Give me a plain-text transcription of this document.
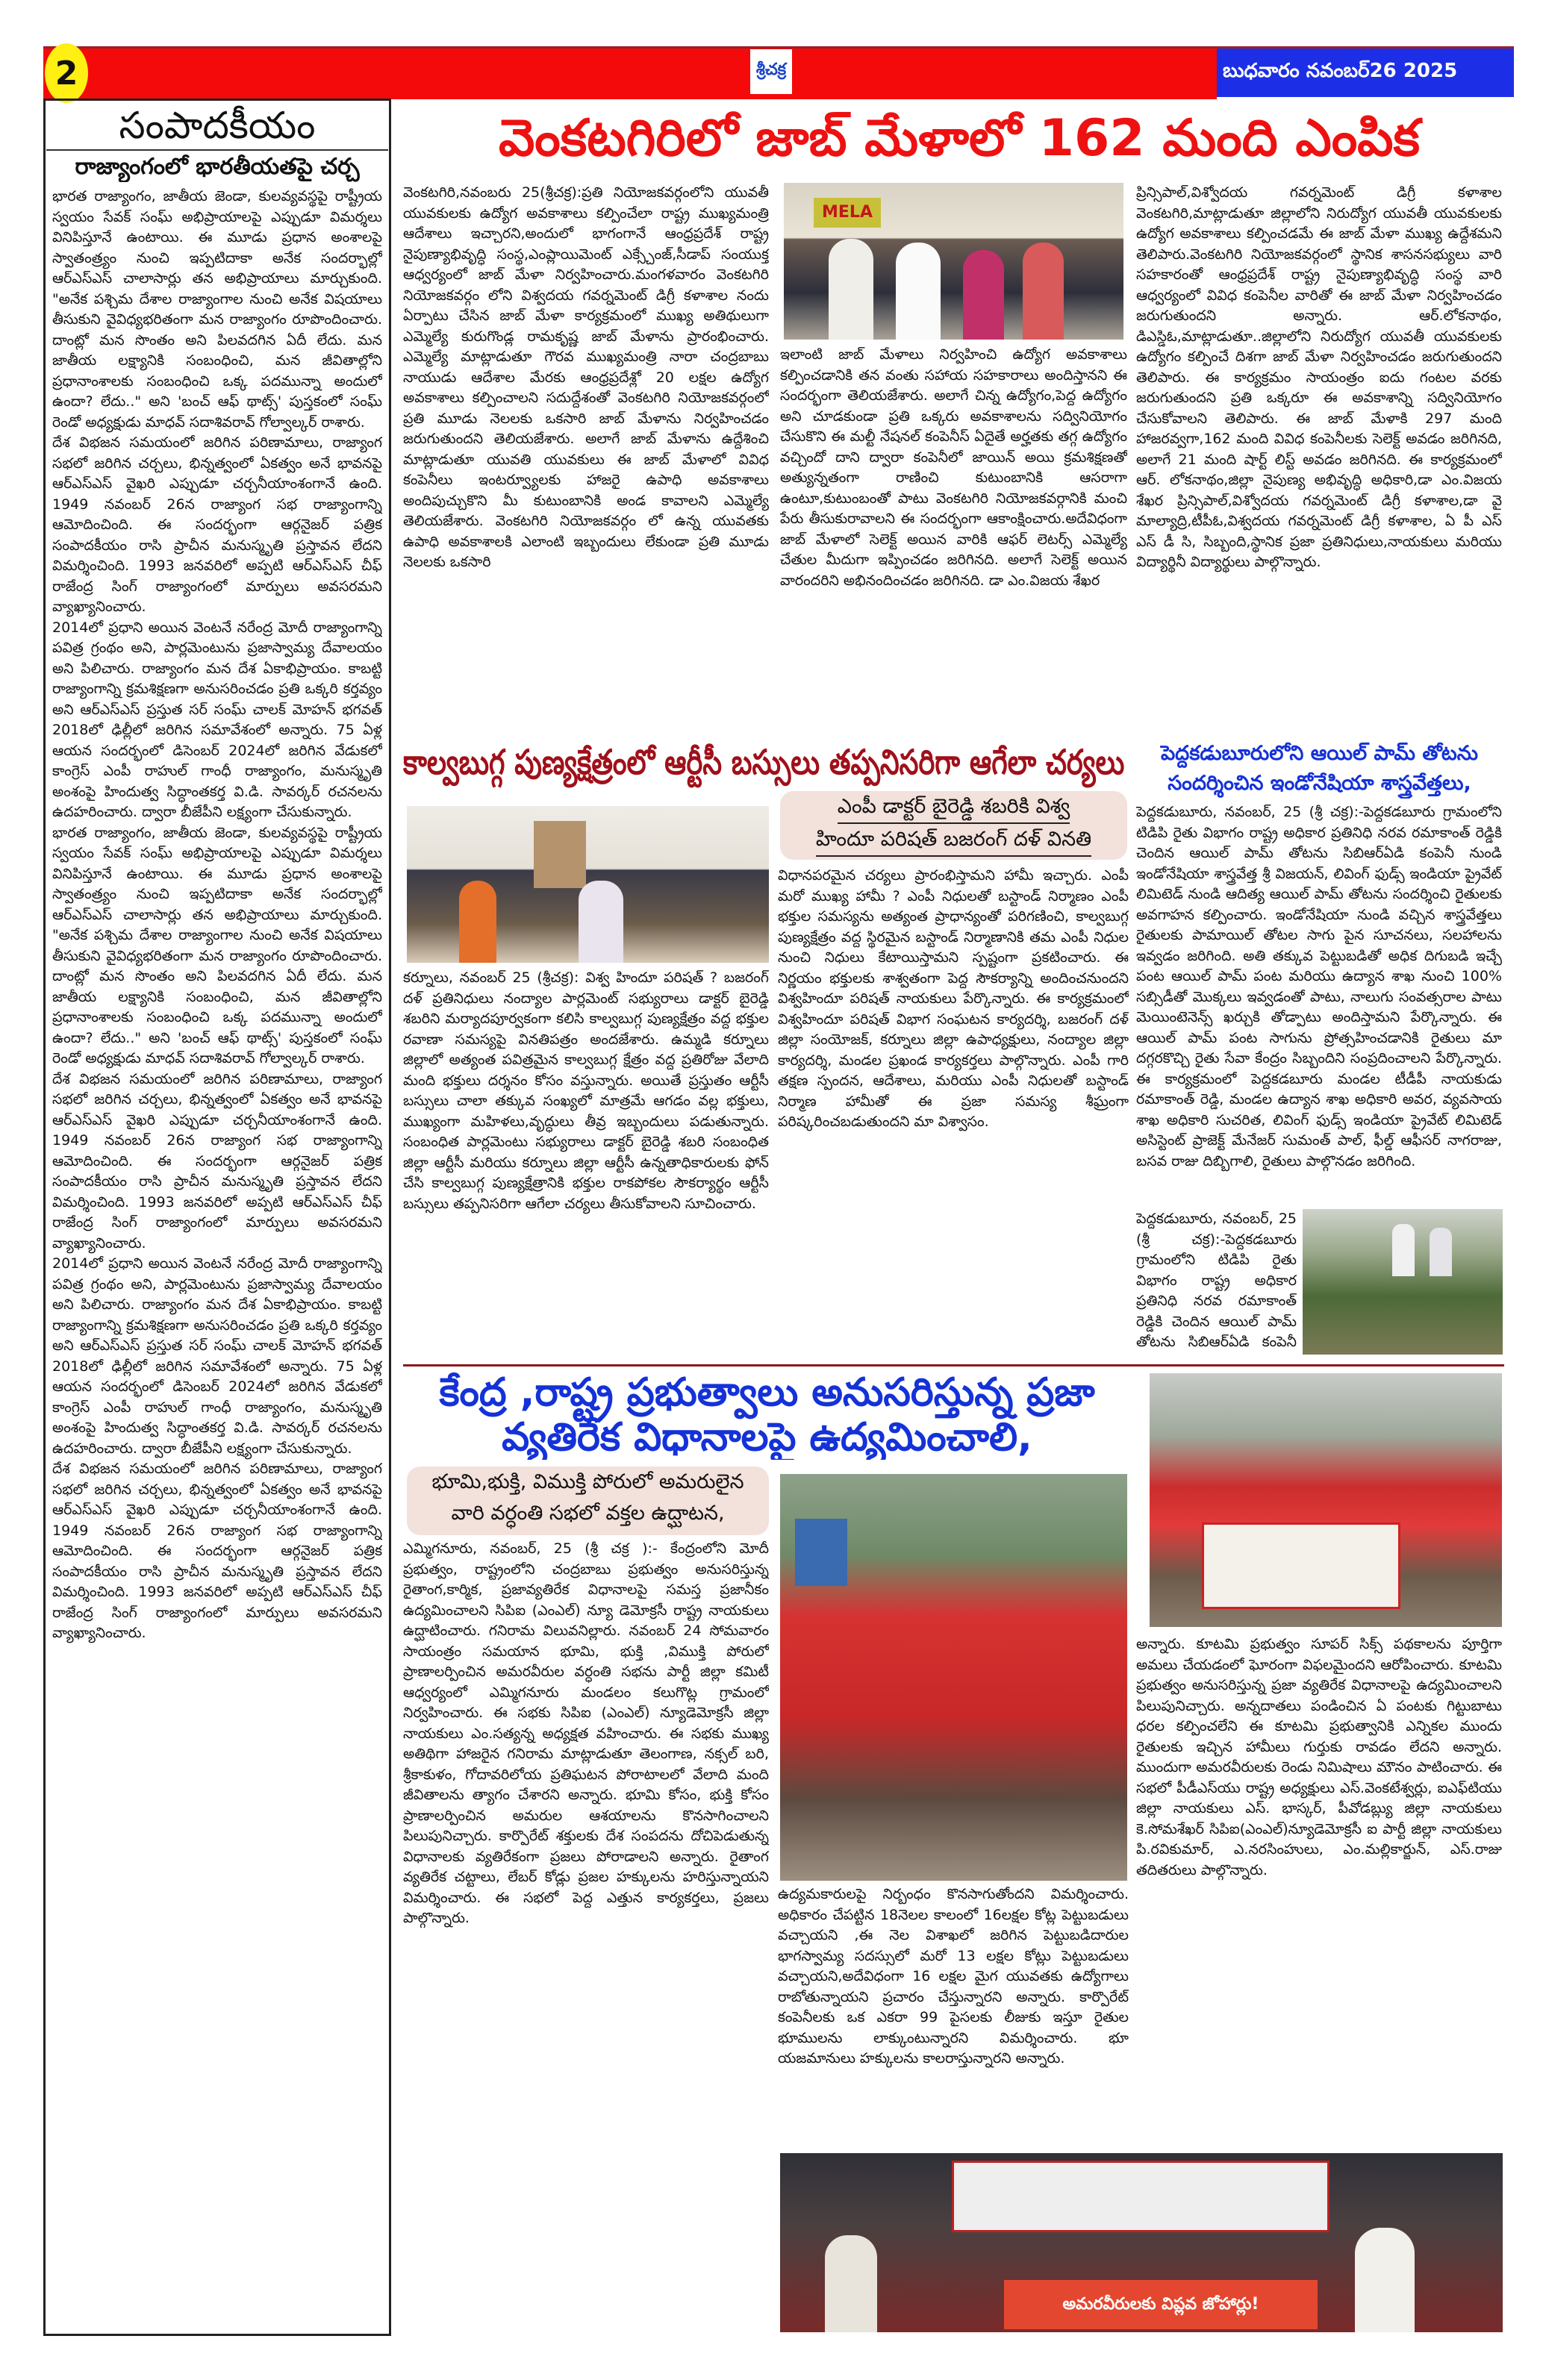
బుధవారం నవంబర్26 2025
2	శ్రీచక్ర
సంపాదకీయం
రాజ్యాంగంలో భారతీయతపై చర్చ

భారత రాజ్యాంగం, జాతీయ జెండా, కులవ్యవస్థపై రాష్ట్రీయ స్వయం సేవక్ సంఘ్ అభిప్రాయాలపై ఎప్పుడూ విమర్శలు వినిపిస్తూనే ఉంటాయి. ఈ మూడు ప్రధాన అంశాలపై స్వాతంత్ర్యం నుంచి ఇప్పటిదాకా అనేక సందర్భాల్లో ఆర్‌ఎస్‌ఎస్ చాలాసార్లు తన అభిప్రాయాలు మార్చుకుంది. "అనేక పశ్చిమ దేశాల రాజ్యాంగాల నుంచి అనేక విషయాలు తీసుకుని వైవిధ్యభరితంగా మన రాజ్యాంగం రూపొందించారు. దాంట్లో మన సొంతం అని పిలవదగిన ఏదీ లేదు. మన జాతీయ లక్ష్యానికి సంబంధించి, మన జీవితాల్లోని ప్రధానాంశాలకు సంబంధించి ఒక్క పదమున్నా అందులో ఉందా? లేదు.." అని 'బంచ్ ఆఫ్ థాట్స్' పుస్తకంలో సంఘ్ రెండో అధ్యక్షుడు మాధవ్ సదాశివరావ్ గోల్వాల్కర్ రాశారు.

దేశ విభజన సమయంలో జరిగిన పరిణామాలు, రాజ్యాంగ సభలో జరిగిన చర్చలు, భిన్నత్వంలో ఏకత్వం అనే భావనపై ఆర్‌ఎస్‌ఎస్ వైఖరి ఎప్పుడూ చర్చనీయాంశంగానే ఉంది. 1949 నవంబర్ 26న రాజ్యాంగ సభ రాజ్యాంగాన్ని ఆమోదించింది. ఈ సందర్భంగా ఆర్గనైజర్ పత్రిక సంపాదకీయం రాసి ప్రాచీన మనుస్మృతి ప్రస్తావన లేదని విమర్శించింది. 1993 జనవరిలో అప్పటి ఆర్‌ఎస్‌ఎస్ చీఫ్ రాజేంద్ర సింగ్ రాజ్యాంగంలో మార్పులు అవసరమని వ్యాఖ్యానించారు.

2014లో ప్రధాని అయిన వెంటనే నరేంద్ర మోదీ రాజ్యాంగాన్ని పవిత్ర గ్రంథం అని, పార్లమెంటును ప్రజాస్వామ్య దేవాలయం అని పిలిచారు. రాజ్యాంగం మన దేశ ఏకాభిప్రాయం. కాబట్టి రాజ్యాంగాన్ని క్రమశిక్షణగా అనుసరించడం ప్రతి ఒక్కరి కర్తవ్యం అని ఆర్‌ఎస్‌ఎస్ ప్రస్తుత సర్ సంఘ్ చాలక్ మోహన్ భగవత్ 2018లో ఢిల్లీలో జరిగిన సమావేశంలో అన్నారు. 75 ఏళ్ల ఆయన సందర్భంలో డిసెంబర్ 2024లో జరిగిన వేడుకలో కాంగ్రెస్ ఎంపీ రాహుల్ గాంధీ రాజ్యాంగం, మనుస్మృతి అంశంపై హిందుత్వ సిద్ధాంతకర్త వి.డి. సావర్కర్ రచనలను ఉదహరించారు. ద్వారా బీజేపీని లక్ష్యంగా చేసుకున్నారు.

భారత రాజ్యాంగం, జాతీయ జెండా, కులవ్యవస్థపై రాష్ట్రీయ స్వయం సేవక్ సంఘ్ అభిప్రాయాలపై ఎప్పుడూ విమర్శలు వినిపిస్తూనే ఉంటాయి. ఈ మూడు ప్రధాన అంశాలపై స్వాతంత్ర్యం నుంచి ఇప్పటిదాకా అనేక సందర్భాల్లో ఆర్‌ఎస్‌ఎస్ చాలాసార్లు తన అభిప్రాయాలు మార్చుకుంది. "అనేక పశ్చిమ దేశాల రాజ్యాంగాల నుంచి అనేక విషయాలు తీసుకుని వైవిధ్యభరితంగా మన రాజ్యాంగం రూపొందించారు. దాంట్లో మన సొంతం అని పిలవదగిన ఏదీ లేదు. మన జాతీయ లక్ష్యానికి సంబంధించి, మన జీవితాల్లోని ప్రధానాంశాలకు సంబంధించి ఒక్క పదమున్నా అందులో ఉందా? లేదు.." అని 'బంచ్ ఆఫ్ థాట్స్' పుస్తకంలో సంఘ్ రెండో అధ్యక్షుడు మాధవ్ సదాశివరావ్ గోల్వాల్కర్ రాశారు.

దేశ విభజన సమయంలో జరిగిన పరిణామాలు, రాజ్యాంగ సభలో జరిగిన చర్చలు, భిన్నత్వంలో ఏకత్వం అనే భావనపై ఆర్‌ఎస్‌ఎస్ వైఖరి ఎప్పుడూ చర్చనీయాంశంగానే ఉంది. 1949 నవంబర్ 26న రాజ్యాంగ సభ రాజ్యాంగాన్ని ఆమోదించింది. ఈ సందర్భంగా ఆర్గనైజర్ పత్రిక సంపాదకీయం రాసి ప్రాచీన మనుస్మృతి ప్రస్తావన లేదని విమర్శించింది. 1993 జనవరిలో అప్పటి ఆర్‌ఎస్‌ఎస్ చీఫ్ రాజేంద్ర సింగ్ రాజ్యాంగంలో మార్పులు అవసరమని వ్యాఖ్యానించారు.

2014లో ప్రధాని అయిన వెంటనే నరేంద్ర మోదీ రాజ్యాంగాన్ని పవిత్ర గ్రంథం అని, పార్లమెంటును ప్రజాస్వామ్య దేవాలయం అని పిలిచారు. రాజ్యాంగం మన దేశ ఏకాభిప్రాయం. కాబట్టి రాజ్యాంగాన్ని క్రమశిక్షణగా అనుసరించడం ప్రతి ఒక్కరి కర్తవ్యం అని ఆర్‌ఎస్‌ఎస్ ప్రస్తుత సర్ సంఘ్ చాలక్ మోహన్ భగవత్ 2018లో ఢిల్లీలో జరిగిన సమావేశంలో అన్నారు. 75 ఏళ్ల ఆయన సందర్భంలో డిసెంబర్ 2024లో జరిగిన వేడుకలో కాంగ్రెస్ ఎంపీ రాహుల్ గాంధీ రాజ్యాంగం, మనుస్మృతి అంశంపై హిందుత్వ సిద్ధాంతకర్త వి.డి. సావర్కర్ రచనలను ఉదహరించారు. ద్వారా బీజేపీని లక్ష్యంగా చేసుకున్నారు.

దేశ విభజన సమయంలో జరిగిన పరిణామాలు, రాజ్యాంగ సభలో జరిగిన చర్చలు, భిన్నత్వంలో ఏకత్వం అనే భావనపై ఆర్‌ఎస్‌ఎస్ వైఖరి ఎప్పుడూ చర్చనీయాంశంగానే ఉంది. 1949 నవంబర్ 26న రాజ్యాంగ సభ రాజ్యాంగాన్ని ఆమోదించింది. ఈ సందర్భంగా ఆర్గనైజర్ పత్రిక సంపాదకీయం రాసి ప్రాచీన మనుస్మృతి ప్రస్తావన లేదని విమర్శించింది. 1993 జనవరిలో అప్పటి ఆర్‌ఎస్‌ఎస్ చీఫ్ రాజేంద్ర సింగ్ రాజ్యాంగంలో మార్పులు అవసరమని వ్యాఖ్యానించారు.

వెంకటగిరిలో జాబ్ మేళాలో 162 మంది ఎంపిక

వెంకటగిరి,నవంబరు 25(శ్రీచక్ర):ప్రతి నియోజకవర్గంలోని యువతీ యువకులకు ఉద్యోగ అవకాశాలు కల్పించేలా రాష్ట్ర ముఖ్యమంత్రి ఆదేశాలు ఇచ్చారని,అందులో భాగంగానే ఆంధ్రప్రదేశ్ రాష్ట్ర నైపుణ్యాభివృద్ధి సంస్థ,ఎంప్లాయిమెంట్ ఎక్స్చేంజ్,సీడాప్ సంయుక్త ఆధ్వర్యంలో జాబ్ మేళా నిర్వహించారు.మంగళవారం వెంకటగిరి నియోజకవర్గం లోని విశ్వదయ గవర్నమెంట్ డిగ్రీ కళాశాల నందు ఏర్పాటు చేసిన జాబ్ మేళా కార్యక్రమంలో ముఖ్య అతిథులుగా ఎమ్మెల్యే కురుగొండ్ల రామకృష్ణ జాబ్ మేళాను ప్రారంభించారు. ఎమ్మెల్యే మాట్లాడుతూ గౌరవ ముఖ్యమంత్రి నారా చంద్రబాబు నాయుడు ఆదేశాల మేరకు ఆంధ్రప్రదేశ్లో 20 లక్షల ఉద్యోగ అవకాశాలు కల్పించాలని సదుద్దేశంతో వెంకటగిరి నియోజకవర్గంలో ప్రతి మూడు నెలలకు ఒకసారి జాబ్ మేళాను నిర్వహించడం జరుగుతుందని తెలియజేశారు. అలాగే జాబ్ మేళాను ఉద్దేశించి మాట్లాడుతూ యువతి యువకులు ఈ జాబ్ మేళాలో వివిధ కంపెనీలు ఇంటర్వ్యూలకు హాజరై ఉపాధి అవకాశాలు అందిపుచ్చుకొని మీ కుటుంబానికి అండ కావాలని ఎమ్మెల్యే తెలియజేశారు. వెంకటగిరి నియోజకవర్గం లో ఉన్న యువతకు ఉపాధి అవకాశాలకి ఎలాంటి ఇబ్బందులు లేకుండా ప్రతి మూడు నెలలకు ఒకసారి

MELA

ఇలాంటి జాబ్ మేళాలు నిర్వహించి ఉద్యోగ అవకాశాలు కల్పించడానికి తన వంతు సహాయ సహకారాలు అందిస్తానని ఈ సందర్భంగా తెలియజేశారు. అలాగే చిన్న ఉద్యోగం,పెద్ద ఉద్యోగం అని చూడకుండా ప్రతి ఒక్కరు అవకాశాలను సద్వినియోగం చేసుకొని ఈ మల్టీ నేషనల్ కంపెనీస్ ఏదైతే అర్హతకు తగ్గ ఉద్యోగం వచ్చిందో దాని ద్వారా కంపెనీలో జాయిన్ అయి క్రమశిక్షణతో అత్యున్నతంగా రాణించి కుటుంబానికి ఆసరాగా ఉంటూ,కుటుంబంతో పాటు వెంకటగిరి నియోజకవర్గానికి మంచి పేరు తీసుకురావాలని ఈ సందర్భంగా ఆకాంక్షించారు.అదేవిధంగా జాబ్ మేళాలో సెలెక్ట్ అయిన వారికి ఆఫర్ లెటర్స్ ఎమ్మెల్యే చేతుల మీదుగా ఇప్పించడం జరిగినది. అలాగే సెలెక్ట్ అయిన వారందరిని అభినందించడం జరిగినది. డా ఎం.విజయ శేఖర

ప్రిన్సిపాల్,విశ్వోదయ గవర్నమెంట్ డిగ్రీ కళాశాల వెంకటగిరి,మాట్లాడుతూ జిల్లాలోని నిరుద్యోగ యువతీ యువకులకు ఉద్యోగ అవకాశాలు కల్పించడమే ఈ జాబ్ మేళా ముఖ్య ఉద్దేశమని తెలిపారు.వెంకటగిరి నియోజకవర్గంలో స్థానిక శాసనసభ్యులు వారి సహకారంతో ఆంధ్రప్రదేశ్ రాష్ట్ర నైపుణ్యాభివృద్ధి సంస్థ వారి ఆధ్వర్యంలో వివిధ కంపెనీల వారితో ఈ జాబ్ మేళా నిర్వహించడం జరుగుతుందని అన్నారు. ఆర్.లోకనాథం, డిఎస్డిఓ,మాట్లాడుతూ..జిల్లాలోని నిరుద్యోగ యువతీ యువకులకు ఉద్యోగం కల్పించే దిశగా జాబ్ మేళా నిర్వహించడం జరుగుతుందని తెలిపారు. ఈ కార్యక్రమం సాయంత్రం ఐదు గంటల వరకు జరుగుతుందని ప్రతి ఒక్కరూ ఈ అవకాశాన్ని సద్వినియోగం చేసుకోవాలని తెలిపారు. ఈ జాబ్ మేళాకి 297 మంది హాజరవ్వగా,162 మంది వివిధ కంపెనీలకు సెలెక్ట్ అవడం జరిగినది, అలాగే 21 మంది షార్ట్ లిస్ట్ అవడం జరిగినది. ఈ కార్యక్రమంలో ఆర్. లోకనాథం,జిల్లా నైపుణ్య అభివృద్ధి అధికారి,డా ఎం.విజయ శేఖర ప్రిన్సిపాల్,విశ్వోదయ గవర్నమెంట్ డిగ్రీ కళాశాల,డా వై మాల్యాద్రి,టీపీఓ,విశ్వదయ గవర్నమెంట్ డిగ్రీ కళాశాల, ఏ పీ ఎస్ ఎస్ డీ సి, సిబ్బంది,స్థానిక ప్రజా ప్రతినిధులు,నాయకులు మరియు విద్యార్థినీ విద్యార్థులు పాల్గొన్నారు.

కాల్వబుగ్గ పుణ్యక్షేత్రంలో ఆర్టీసీ బస్సులు తప్పనిసరిగా ఆగేలా చర్యలు

కర్నూలు, నవంబర్ 25 (శ్రీచక్ర): విశ్వ హిందూ పరిషత్ ? బజరంగ్ దళ్ ప్రతినిధులు నంద్యాల పార్లమెంట్ సభ్యురాలు డాక్టర్ బైరెడ్డి శబరిని మర్యాదపూర్వకంగా కలిసి కాల్వబుగ్గ పుణ్యక్షేత్రం వద్ద భక్తుల రవాణా సమస్యపై వినతిపత్రం అందజేశారు. ఉమ్మడి కర్నూలు జిల్లాలో అత్యంత పవిత్రమైన కాల్వబుగ్గ క్షేత్రం వద్ద ప్రతిరోజు వేలాది మంది భక్తులు దర్శనం కోసం వస్తున్నారు. అయితే ప్రస్తుతం ఆర్టీసీ బస్సులు చాలా తక్కువ సంఖ్యలో మాత్రమే ఆగడం వల్ల భక్తులు, ముఖ్యంగా మహిళలు,వృద్ధులు తీవ్ర ఇబ్బందులు పడుతున్నారు. సంబంధిత పార్లమెంటు సభ్యురాలు డాక్టర్ బైరెడ్డి శబరి సంబంధిత జిల్లా ఆర్టీసీ మరియు కర్నూలు జిల్లా ఆర్టీసీ ఉన్నతాధికారులకు ఫోన్ చేసి కాల్వబుగ్గ పుణ్యక్షేత్రానికి భక్తుల రాకపోకల సౌకర్యార్థం ఆర్టీసీ బస్సులు తప్పనిసరిగా ఆగేలా చర్యలు తీసుకోవాలని సూచించారు.

ఎంపీ డాక్టర్ బైరెడ్డి శబరికి విశ్వ
హిందూ పరిషత్ బజరంగ్ దళ్ వినతి

విధానపరమైన చర్యలు ప్రారంభిస్తామని హామీ ఇచ్చారు. ఎంపీ మరో ముఖ్య హామీ ? ఎంపీ నిధులతో బస్టాండ్ నిర్మాణం ఎంపీ భక్తుల సమస్యను అత్యంత ప్రాధాన్యంతో పరిగణించి, కాల్వబుగ్గ పుణ్యక్షేత్రం వద్ద స్థిరమైన బస్టాండ్ నిర్మాణానికి తమ ఎంపీ నిధుల నుంచి నిధులు కేటాయిస్తామని స్పష్టంగా ప్రకటించారు. ఈ నిర్ణయం భక్తులకు శాశ్వతంగా పెద్ద సౌకర్యాన్ని అందించనుందని విశ్వహిందూ పరిషత్ నాయకులు పేర్కొన్నారు. ఈ కార్యక్రమంలో విశ్వహిందూ పరిషత్ విభాగ సంఘటన కార్యదర్శి, బజరంగ్ దళ్ జిల్లా సంయోజక్, కర్నూలు జిల్లా ఉపాధ్యక్షులు, నంద్యాల జిల్లా కార్యదర్శి, మండల ప్రఖండ కార్యకర్తలు పాల్గొన్నారు. ఎంపీ గారి తక్షణ స్పందన, ఆదేశాలు, మరియు ఎంపీ నిధులతో బస్టాండ్ నిర్మాణ హామీతో ఈ ప్రజా సమస్య శీఘ్రంగా పరిష్కరించబడుతుందని మా విశ్వాసం.

పెద్దకడుబూరులోని ఆయిల్ పామ్ తోటను
సందర్శించిన ఇండోనేషియా శాస్త్రవేత్తలు,

పెద్దకడుబూరు, నవంబర్, 25 (శ్రీ చక్ర):-పెద్దకడబూరు గ్రామంలోని టిడిపి రైతు విభాగం రాష్ట్ర అధికార ప్రతినిధి నరవ రమాకాంత్ రెడ్డికి చెందిన ఆయిల్ పామ్ తోటను సిబిఆర్‌ఏడి కంపెనీ నుండి ఇండోనేషియా శాస్త్రవేత్త శ్రీ విజయన్, లివింగ్ ఫుడ్స్ ఇండియా ప్రైవేట్ లిమిటెడ్ నుండి ఆదిత్య ఆయిల్ పామ్ తోటను సందర్శించి రైతులకు అవగాహన కల్పించారు. ఇండోనేషియా నుండి వచ్చిన శాస్త్రవేత్తలు రైతులకు పామాయిల్ తోటల సాగు పైన సూచనలు, సలహాలను ఇవ్వడం జరిగింది. అతి తక్కువ పెట్టుబడితో అధిక దిగుబడి ఇచ్చే పంట ఆయిల్ పామ్ పంట మరియు ఉద్యాన శాఖ నుంచి 100% సబ్సిడీతో మొక్కలు ఇవ్వడంతో పాటు, నాలుగు సంవత్సరాల పాటు మెయింటెనెన్స్ ఖర్చుకి తోడ్పాటు అందిస్తామని పేర్కొన్నారు. ఈ ఆయిల్ పామ్ పంట సాగును ప్రోత్సహించడానికి రైతులు మా దగ్గరకొచ్చి రైతు సేవా కేంద్రం సిబ్బందిని సంప్రదించాలని పేర్కొన్నారు. ఈ కార్యక్రమంలో పెద్దకడబూరు మండల టీడీపీ నాయకుడు రమాకాంత్ రెడ్డి, మండల ఉద్యాన శాఖ అధికారి అవర, వ్యవసాయ శాఖ అధికారి సుచరిత, లివింగ్ ఫుడ్స్ ఇండియా ప్రైవేట్ లిమిటెడ్ అసిస్టెంట్ ప్రాజెక్ట్ మేనేజర్ సుమంత్ పాల్, ఫీల్డ్ ఆఫీసర్ నాగరాజు, బసవ రాజు దిబ్బిగాలి, రైతులు పాల్గొనడం జరిగింది.

పెద్దకడుబూరు, నవంబర్, 25 (శ్రీ చక్ర):-పెద్దకడబూరు గ్రామంలోని టిడిపి రైతు విభాగం రాష్ట్ర అధికార ప్రతినిధి నరవ రమాకాంత్ రెడ్డికి చెందిన ఆయిల్ పామ్ తోటను సిబిఆర్‌ఏడి కంపెనీ

కేంద్ర ,రాష్ట్ర ప్రభుత్వాలు అనుసరిస్తున్న ప్రజా
వ్యతిరేక విధానాలపై ఉద్యమించాలి,
భూమి,భుక్తి, విముక్తి పోరులో అమరులైన
వారి వర్ధంతి సభలో వక్తల ఉద్ఘాటన,

ఎమ్మిగనూరు, నవంబర్, 25 (శ్రీ చక్ర ):- కేంద్రంలోని మోదీ ప్రభుత్వం, రాష్ట్రంలోని చంద్రబాబు ప్రభుత్వం అనుసరిస్తున్న రైతాంగ,కార్మిక, ప్రజావ్యతిరేక విధానాలపై సమస్త ప్రజానీకం ఉద్యమించాలని సిపిఐ (ఎంఎల్) న్యూ డెమోక్రసీ రాష్ట్ర నాయకులు ఉద్ఘాటించారు. గనిరామ విలువనిల్లారు. నవంబర్ 24 సోమవారం సాయంత్రం సమయాన భూమి, భుక్తి ,విముక్తి పోరులో ప్రాణాలర్పించిన అమరవీరుల వర్ధంతి సభను పార్టీ జిల్లా కమిటీ ఆధ్వర్యంలో ఎమ్మిగనూరు మండలం కలుగొట్ల గ్రామంలో నిర్వహించారు. ఈ సభకు సిపిఐ (ఎంఎల్) న్యూడెమోక్రసీ జిల్లా నాయకులు ఎం.సత్యన్న అధ్యక్షత వహించారు. ఈ సభకు ముఖ్య అతిథిగా హాజరైన గనిరామ మాట్లాడుతూ తెలంగాణ, నక్సల్ బరి, శ్రీకాకుళం, గోదావరిలోయ ప్రతిఘటన పోరాటాలలో వేలాది మంది జీవితాలను త్యాగం చేశారని అన్నారు. భూమి కోసం, భుక్తి కోసం ప్రాణాలర్పించిన అమరుల ఆశయాలను కొనసాగించాలని పిలుపునిచ్చారు. కార్పొరేట్ శక్తులకు దేశ సంపదను దోచిపెడుతున్న విధానాలకు వ్యతిరేకంగా ప్రజలు పోరాడాలని అన్నారు. రైతాంగ వ్యతిరేక చట్టాలు, లేబర్ కోడ్లు ప్రజల హక్కులను హరిస్తున్నాయని విమర్శించారు. ఈ సభలో పెద్ద ఎత్తున కార్యకర్తలు, ప్రజలు పాల్గొన్నారు.

ఉద్యమకారులపై నిర్బంధం కొనసాగుతోందని విమర్శించారు. అధికారం చేపట్టిన 18నెలల కాలంలో 16లక్షల కోట్ల పెట్టుబడులు వచ్చాయని ,ఈ నెల విశాఖలో జరిగిన పెట్టుబడిదారుల భాగస్వామ్య సదస్సులో మరో 13 లక్షల కోట్లు పెట్టుబడులు వచ్చాయని,అదేవిధంగా 16 లక్షల మైగ యువతకు ఉద్యోగాలు రాబోతున్నాయని ప్రచారం చేస్తున్నారని అన్నారు. కార్పొరేట్ కంపెనీలకు ఒక ఎకరా 99 పైసలకు లీజుకు ఇస్తూ రైతుల భూములను లాక్కుంటున్నారని విమర్శించారు. భూ యజమానులు హక్కులను కాలరాస్తున్నారని అన్నారు.

అన్నారు. కూటమి ప్రభుత్వం సూపర్ సిక్స్ పథకాలను పూర్తిగా అమలు చేయడంలో ఘోరంగా విఫలమైందని ఆరోపించారు. కూటమి ప్రభుత్వం అనుసరిస్తున్న ప్రజా వ్యతిరేక విధానాలపై ఉద్యమించాలని పిలుపునిచ్చారు. అన్నదాతలు పండించిన ఏ పంటకు గిట్టుబాటు ధరల కల్పించలేని ఈ కూటమి ప్రభుత్వానికి ఎన్నికల ముందు రైతులకు ఇచ్చిన హామీలు గుర్తుకు రావడం లేదని అన్నారు. ముందుగా అమరవీరులకు రెండు నిమిషాలు మౌనం పాటించారు. ఈ సభలో పీడీఎస్‌యు రాష్ట్ర అధ్యక్షులు ఎస్.వెంకటేశ్వర్లు, ఐఎఫ్‌టియు జిల్లా నాయకులు ఎస్. భాస్కర్, పీవోడబ్ల్యు జిల్లా నాయకులు కె.సోమశేఖర్ సిపిఐ(ఎంఎల్)న్యూడెమోక్రసీ ఐ పార్టీ జిల్లా నాయకులు పి.రవికుమార్, ఎ.నరసింహులు, ఎం.మల్లికార్జున్, ఎస్.రాజు తదితరులు పాల్గొన్నారు.

అమరవీరులకు విప్లవ జోహార్లు!
